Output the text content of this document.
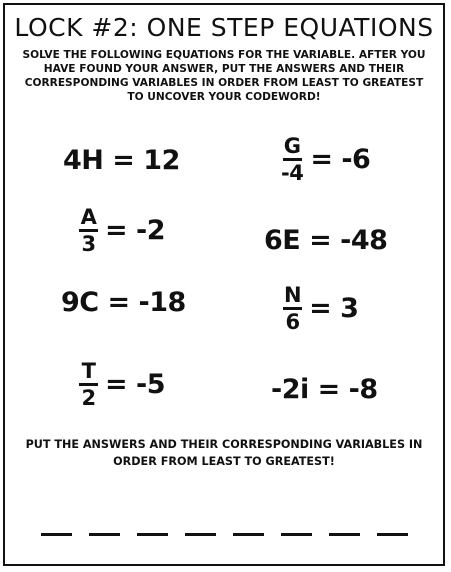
LOCK #2: ONE STEP EQUATIONS
SOLVE THE FOLLOWING EQUATIONS FOR THE VARIABLE. AFTER YOU HAVE FOUND YOUR ANSWER, PUT THE ANSWERS AND THEIR CORRESPONDING VARIABLES IN ORDER FROM LEAST TO GREATEST TO UNCOVER YOUR CODEWORD!
4H = 12	$\frac{G}{-4} = -6$
$\frac{A}{3} = -2$	6E = -48
9C = -18	$\frac{N}{6} = 3$
$\frac{T}{2} = -5$	-2i = -8
PUT THE ANSWERS AND THEIR CORRESPONDING VARIABLES IN ORDER FROM LEAST TO GREATEST!
